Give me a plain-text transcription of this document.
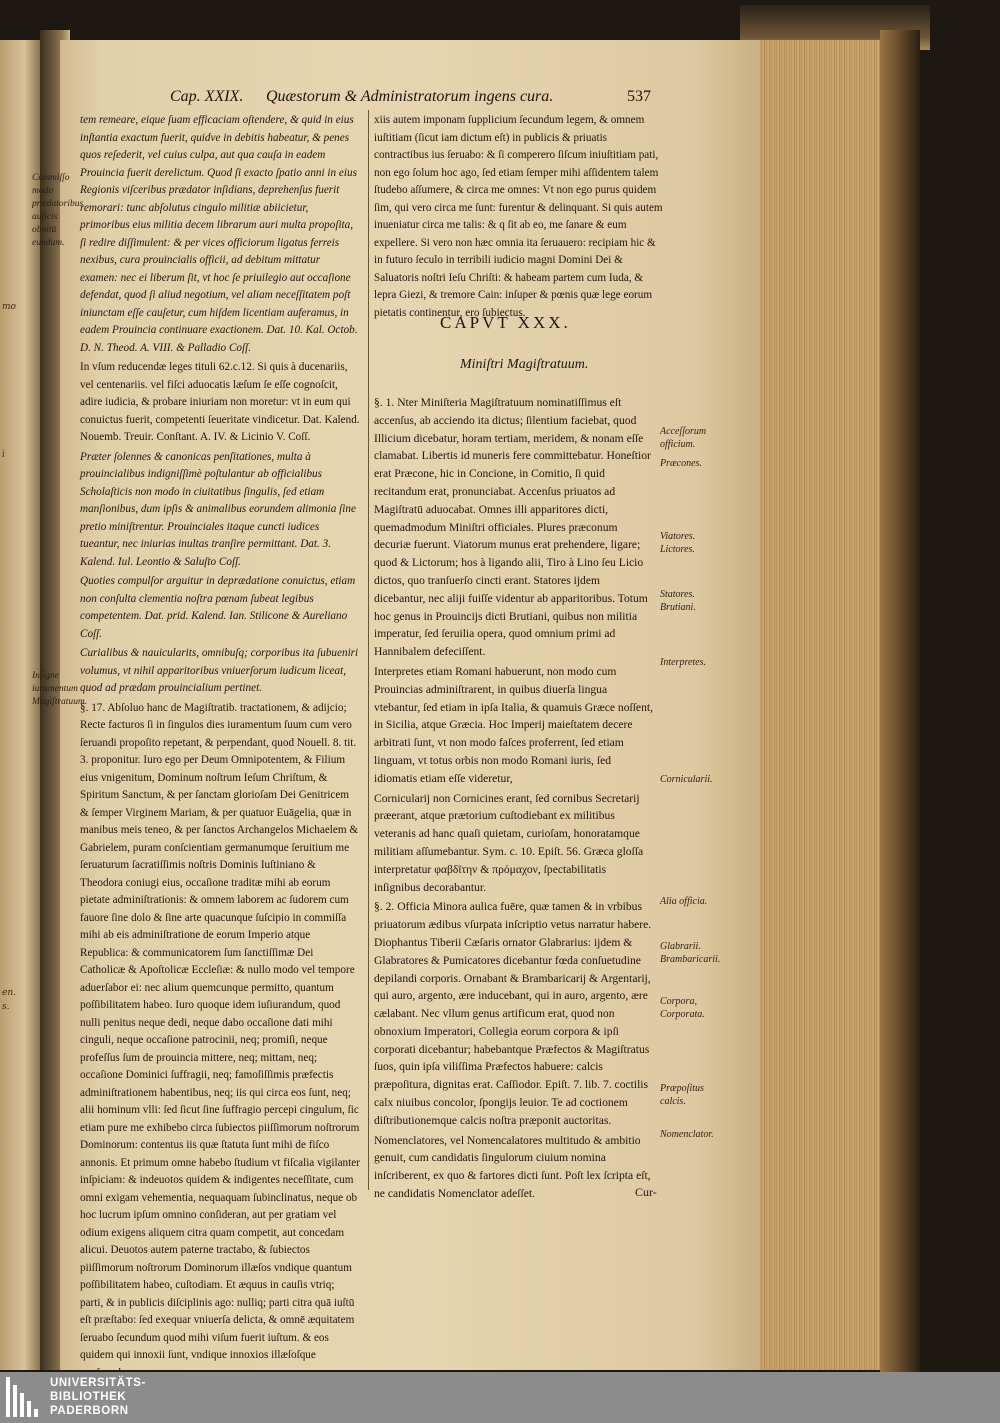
mo
i
en.
s.
Cap. XXIX. Quæstorum & Administratorum ingens cura.	537

tem remeare, eique ſuam efficaciam oſtendere, & quid in eius inſtantia exactum fuerit, quidve in debitis habeatur, & penes quos reſederit, vel cuius culpa, aut qua cauſa in eadem Prouincia fuerit derelictum. Quod ſi exacto ſpatio anni in eius Regionis viſceribus prædator inſidians, deprehenſus fuerit remorari: tunc abſolutus cingulo militiæ abiicietur, primoribus eius militia decem librarum auri multa propoſita, ſi redire diſſimulent: & per vices officiorum ligatus ferreis nexibus, cura prouincialis officii, ad debitum mittatur examen: nec ei liberum ſit, vt hoc ſe priuilegio aut occaſione defendat, quod ſi aliud negotium, vel aliam neceſſitatem poſt iniunctam eſſe cauſetur, cum hiſdem licentiam auferamus, in eadem Prouincia continuare exactionem. Dat. 10. Kal. Octob. D. N. Theod. A. VIII. & Palladio Coſſ.

In vſum reducendæ leges tituli 62.c.12. Si quis à ducenariis, vel centenariis. vel fiſci aduocatis læſum ſe eſſe cognoſcit, adire iudicia, & probare iniuriam non moretur: vt in eum qui conuictus fuerit, competenti ſeueritate vindicetur. Dat. Kalend. Nouemb. Treuir. Conſtant. A. IV. & Licinio V. Coſſ.

Præter ſolennes & canonicas penſitationes, multa à prouincialibus indigniſſimè poſtulantur ab officialibus Scholaſticis non modo in ciuitatibus ſingulis, ſed etiam manſionibus, dum ipſis & animalibus eorundem alimonia ſine pretio miniſtrentur. Prouinciales itaque cuncti iudices tueantur, nec iniurias inultas tranſire permittant. Dat. 3. Kalend. Iul. Leontio & Saluſto Coſſ.

Quoties compulſor arguitur in deprædatione conuictus, etiam non conſulta clementia noſtra pœnam ſubeat legibus competentem. Dat. prid. Kalend. Ian. Stilicone & Aureliano Coſſ.

Curialibus & nauicularits, omnibuſq; corporibus ita ſubueniri volumus, vt nihil apparitoribus vniuerſorum iudicum liceat, quod ad prædam prouincialium pertinet.

§. 17. Abſoluo hanc de Magiſtratib. tractationem, & adijcio; Recte facturos ſi in ſingulos dies iuramentum ſuum cum vero ſeruandi propoſito repetant, & perpendant, quod Nouell. 8. tit. 3. proponitur. Iuro ego per Deum Omnipotentem, & Filium eius vnigenitum, Dominum noſtrum Ieſum Chriſtum, & Spiritum Sanctum, & per ſanctam glorioſam Dei Genitricem & ſemper Virginem Mariam, & per quatuor Euāgelia, quæ in manibus meis teneo, & per ſanctos Archangelos Michaelem & Gabrielem, puram conſcientiam germanumque ſeruitium me ſeruaturum ſacratiſſimis noſtris Dominis Iuſtiniano & Theodora coniugi eius, occaſione traditæ mihi ab eorum pietate adminiſtrationis: & omnem laborem ac ſudorem cum fauore ſine dolo & ſine arte quacunque ſuſcipio in commiſſa mihi ab eis adminiſtratione de eorum Imperio atque Republica: & communicatorem ſum ſanctiſſimæ Dei Catholicæ & Apoſtolicæ Eccleſiæ: & nullo modo vel tempore aduerſabor ei: nec alium quemcunque permitto, quantum poſſibilitatem habeo. Iuro quoque idem iuſiurandum, quod nulli penitus neque dedi, neque dabo occaſione dati mihi cinguli, neque occaſione patrocinii, neq; promiſi, neque profeſſus ſum de prouincia mittere, neq; mittam, neq; occaſione Dominici ſuffragii, neq; famoſiſſimis præfectis adminiſtrationem habentibus, neq; iis qui circa eos ſunt, neq; alii hominum vlli: ſed ſicut ſine ſuffragio percepi cingulum, ſic etiam pure me exhibebo circa ſubiectos piiſſimorum noſtrorum Dominorum: contentus iis quæ ſtatuta ſunt mihi de fiſco annonis. Et primum omne habebo ſtudium vt fiſcalia vigilanter inſpiciam: & indeuotos quidem & indigentes neceſſitate, cum omni exigam vehementia, nequaquam ſubinclinatus, neque ob hoc lucrum ipſum omnino conſideran, aut per gratiam vel odium exigens aliquem citra quam competit, aut concedam alicui. Deuotos autem paterne tractabo, & ſubiectos piiſſimorum noſtrorum Dominorum illæſos vndique quantum poſſibilitatem habeo, cuſtodiam. Et æquus in cauſis vtriq; parti, & in publicis diſciplinis ago: nulliq; parti citra quā iuſtū eſt præſtabo: ſed exequar vniuerſa delicta, & omnē æquitatem ſeruabo ſecundum quod mihi viſum fuerit iuſtum. & eos quidem qui innoxii ſunt, vndique innoxios illæſoſque

Commiſſo modo prædatoribus auſicis obnitū eundum.
Inſigne iuramentum Magiſtratuum.

xiis autem imponam ſupplicium ſecundum legem, & omnem iuſtitiam (ſicut iam dictum eſt) in publicis & priuatis contractibus ius ſeruabo: & ſi comperero ſiſcum iniuſtitiam pati, non ego ſolum hoc ago, ſed etiam ſemper mihi aſſidentem talem ſtudebo aſſumere, & circa me omnes: Vt non ego purus quidem ſim, qui vero circa me ſunt: furentur & delinquant. Si quis autem inueniatur circa me talis: & q ſit ab eo, me ſanare & eum expellere. Si vero non hæc omnia ita ſeruauero: recipiam hic & in futuro ſeculo in terribili iudicio magni Domini Dei & Saluatoris noſtri Ieſu Chriſti: & habeam partem cum Iuda, & lepra Giezi, & tremore Cain: inſuper & pœnis quæ lege eorum pietatis continentur, ero ſubiectus.

CAPVT XXX.
Miniſtri Magiſtratuum.

§. 1. Nter Miniſteria Magiſtratuum nominatiſſimus eſt accenſus, ab acciendo ita dictus; ſilentium faciebat, quod Illicium dicebatur, horam tertiam, meridem, & nonam eſſe clamabat. Libertis id muneris fere committebatur. Honeſtior erat Præcone, hic in Concione, in Comitio, ſi quid recitandum erat, pronunciabat. Accenſus priuatos ad Magiſtratū aduocabat. Omnes illi apparitores dicti, quemadmodum Miniſtri officiales. Plures præconum decuriæ fuerunt. Viatorum munus erat prehendere, ligare; quod & Lictorum; hos à ligando alii, Tiro à Lino ſeu Licio dictos, quo tranſuerſo cincti erant. Statores ijdem dicebantur, nec aliji fuiſſe videntur ab apparitoribus. Totum hoc genus in Prouincijs dicti Brutiani, quibus non militia imperatur, ſed ſeruilia opera, quod omnium primi ad Hannibalem defeciſſent.

Interpretes etiam Romani habuerunt, non modo cum Prouincias adminiſtrarent, in quibus diuerſa lingua vtebantur, ſed etiam in ipſa Italia, & quamuis Græce noſſent, in Sicilia, atque Græcia. Hoc Imperij maieſtatem decere arbitrati ſunt, vt non modo faſces proferrent, ſed etiam linguam, vt totus orbis non modo Romani iuris, ſed idiomatis etiam eſſe videretur,

Cornicularij non Cornicines erant, ſed cornibus Secretarij præerant, atque prætorium cuſtodiebant ex militibus veteranis ad hanc quaſi quietam, curioſam, honoratamque militiam aſſumebantur. Sym. c. 10. Epiſt. 56. Græca gloſſa interpretatur φαβδῖτην & πρόμαχον, ſpectabilitatis inſignibus decorabantur.

§. 2. Officia Minora aulica fuēre, quæ tamen & in vrbibus priuatorum ædibus vſurpata inſcriptio vetus narratur habere. Diophantus Tiberii Cæſaris ornator Glabrarius: ijdem & Glabratores & Pumicatores dicebantur fœda conſuetudine depilandi corporis. Ornabant & Brambaricarij & Argentarij, qui auro, argento, ære inducebant, qui in auro, argento, ære cælabant. Nec vllum genus artificum erat, quod non obnoxium Imperatori, Collegia eorum corpora & ipſi corporati dicebantur; habebantque Præfectos & Magiſtratus ſuos, quin ipſa viliſſima Præfectos habuere: calcis præpoſitura, dignitas erat. Caſſiodor. Epiſt. 7. lib. 7. coctilis calx niuibus concolor, ſpongijs leuior. Te ad coctionem diſtributionemque calcis noſtra præponit auctoritas.

Nomenclatores, vel Nomencalatores multitudo & ambitio genuit, cum candidatis ſingulorum ciuium nomina inſcriberent, ex quo & fartores dicti ſunt. Poſt lex ſcripta eſt, ne candidatis Nomenclator adeſſet.

Acceſſorum officium.
Præcones.
Viatores. Lictores.
Statores. Brutiani.
Interpretes.
Cornicularii.
Alia officia.
Glabrarii. Brambaricarii.
Corpora, Corporata.
Præpoſitus calcis.
Nomenclator.
Cur-
UNIVERSITÄTS-
BIBLIOTHEK
PADERBORN
